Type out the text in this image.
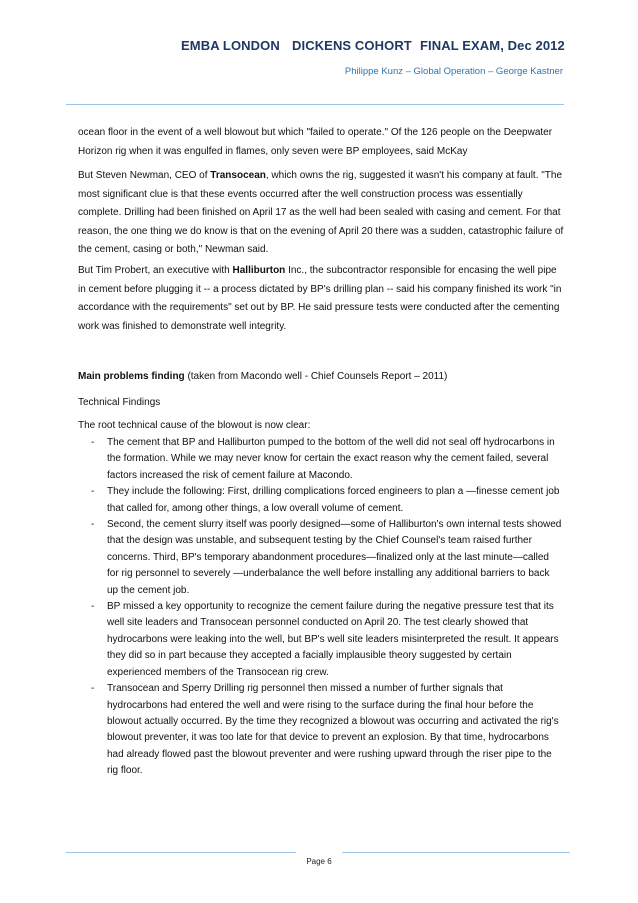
EMBA LONDON DICKENS COHORT FINAL EXAM, Dec 2012
Philippe Kunz – Global Operation – George Kastner

ocean floor in the event of a well blowout but which "failed to operate." Of the 126 people on the Deepwater Horizon rig when it was engulfed in flames, only seven were BP employees, said McKay

But Steven Newman, CEO of Transocean, which owns the rig, suggested it wasn't his company at fault. "The most significant clue is that these events occurred after the well construction process was essentially complete. Drilling had been finished on April 17 as the well had been sealed with casing and cement. For that reason, the one thing we do know is that on the evening of April 20 there was a sudden, catastrophic failure of the cement, casing or both," Newman said.

But Tim Probert, an executive with Halliburton Inc., the subcontractor responsible for encasing the well pipe in cement before plugging it -- a process dictated by BP's drilling plan -- said his company finished its work "in accordance with the requirements" set out by BP. He said pressure tests were conducted after the cementing work was finished to demonstrate well integrity.

Main problems finding (taken from Macondo well - Chief Counsels Report – 2011)

Technical Findings

The root technical cause of the blowout is now clear:

- The cement that BP and Halliburton pumped to the bottom of the well did not seal off hydrocarbons in the formation. While we may never know for certain the exact reason why the cement failed, several factors increased the risk of cement failure at Macondo.
- They include the following: First, drilling complications forced engineers to plan a —finesse cement job that called for, among other things, a low overall volume of cement.
- Second, the cement slurry itself was poorly designed—some of Halliburton's own internal tests showed that the design was unstable, and subsequent testing by the Chief Counsel's team raised further concerns. Third, BP's temporary abandonment procedures—finalized only at the last minute—called for rig personnel to severely —underbalance the well before installing any additional barriers to back up the cement job.
- BP missed a key opportunity to recognize the cement failure during the negative pressure test that its well site leaders and Transocean personnel conducted on April 20. The test clearly showed that hydrocarbons were leaking into the well, but BP's well site leaders misinterpreted the result. It appears they did so in part because they accepted a facially implausible theory suggested by certain experienced members of the Transocean rig crew.
- Transocean and Sperry Drilling rig personnel then missed a number of further signals that hydrocarbons had entered the well and were rising to the surface during the final hour before the blowout actually occurred. By the time they recognized a blowout was occurring and activated the rig's blowout preventer, it was too late for that device to prevent an explosion. By that time, hydrocarbons had already flowed past the blowout preventer and were rushing upward through the riser pipe to the rig floor.
Page 6
